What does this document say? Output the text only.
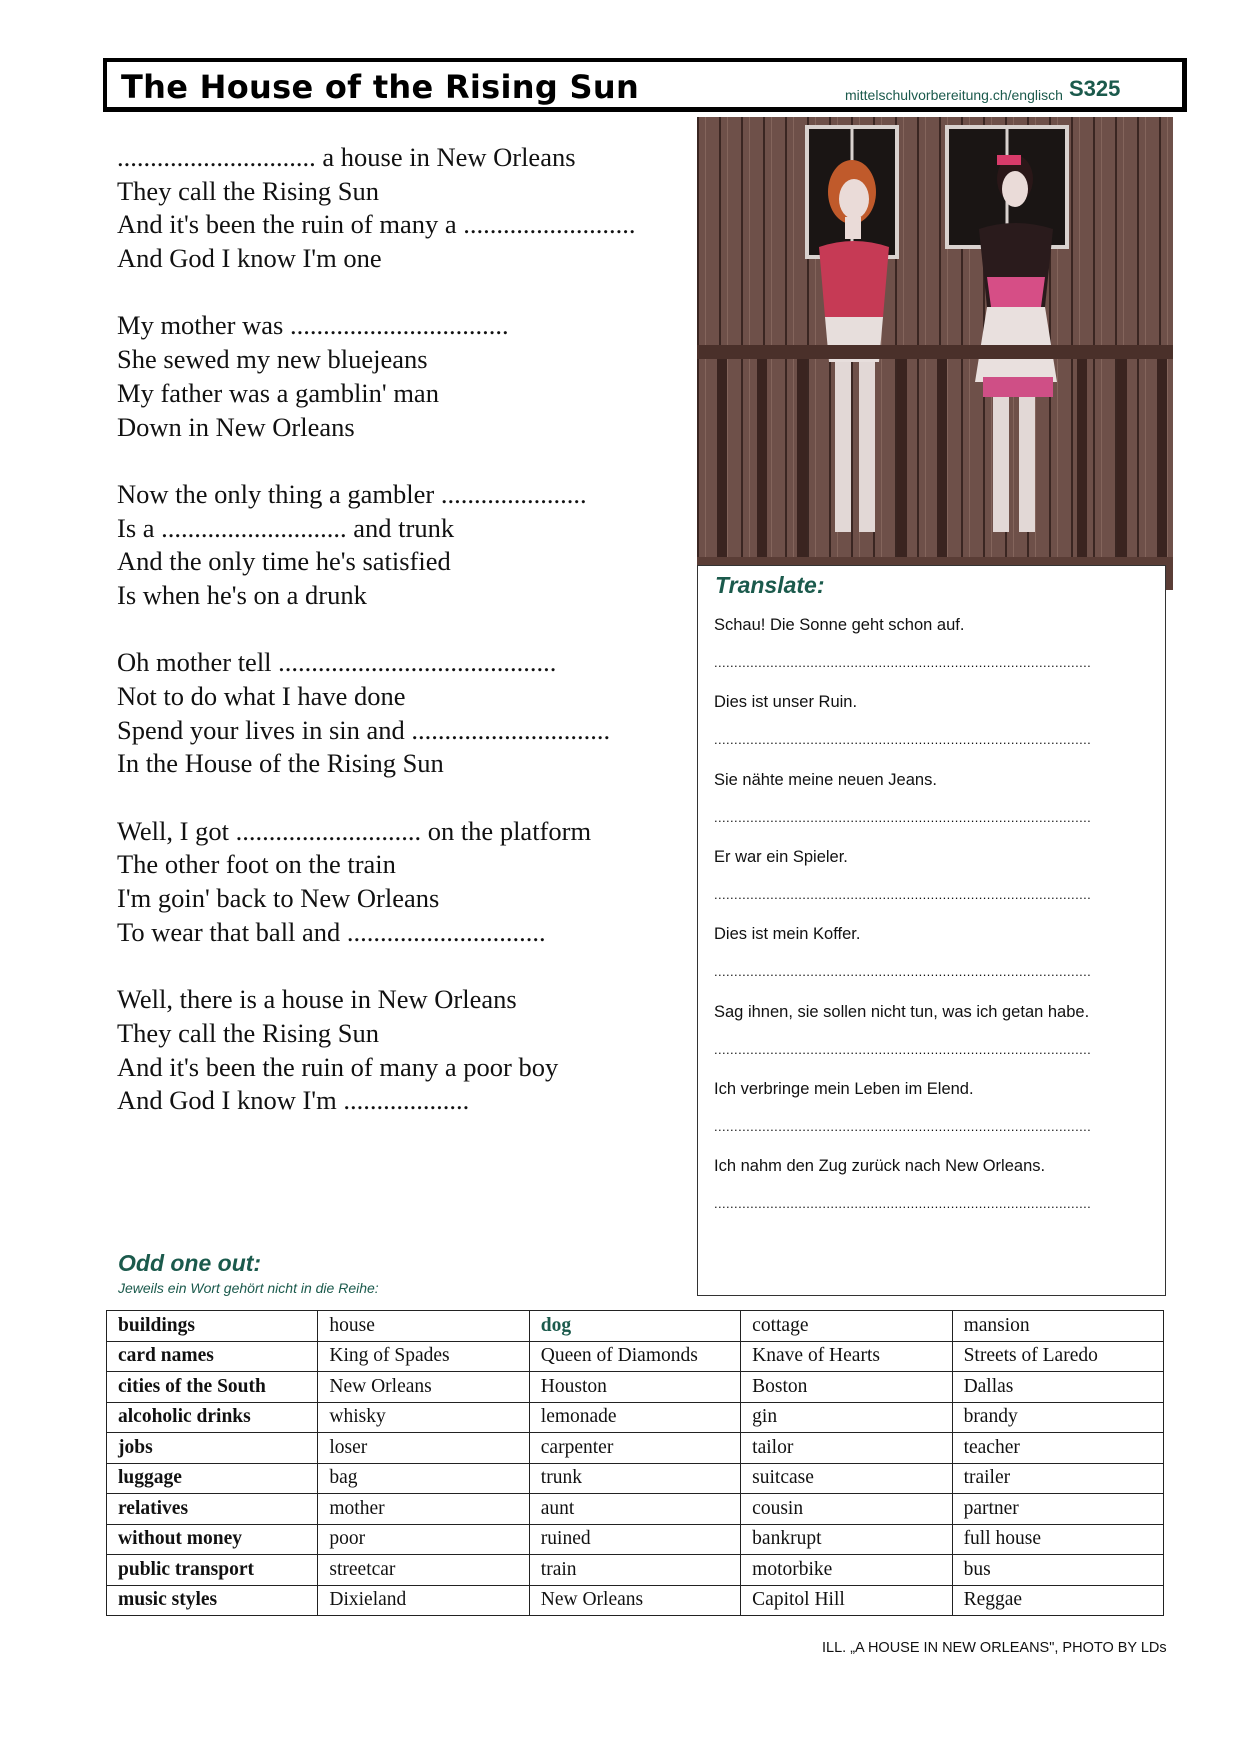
The House of the Rising Sun	mittelschulvorbereitung.ch/englisch S325
.............................. a house in New Orleans
They call the Rising Sun
And it's been the ruin of many a ..........................
And God I know I'm one
My mother was .................................
She sewed my new bluejeans
My father was a gamblin' man
Down in New Orleans
Now the only thing a gambler ......................
Is a ............................ and trunk
And the only time he's satisfied
Is when he's on a drunk
Oh mother tell ..........................................
Not to do what I have done
Spend your lives in sin and ..............................
In the House of the Rising Sun
Well, I got ............................ on the platform
The other foot on the train
I'm goin' back to New Orleans
To wear that ball and ..............................
Well, there is a house in New Orleans
They call the Rising Sun
And it's been the ruin of many a poor boy
And God I know I'm ...................
Translate:
Schau! Die Sonne geht schon auf.
..............................................................................................
Dies ist unser Ruin.
..............................................................................................
Sie nähte meine neuen Jeans.
..............................................................................................
Er war ein Spieler.
..............................................................................................
Dies ist mein Koffer.
..............................................................................................
Sag ihnen, sie sollen nicht tun, was ich getan habe.
..............................................................................................
Ich verbringe mein Leben im Elend.
..............................................................................................
Ich nahm den Zug zurück nach New Orleans.
..............................................................................................
Odd one out:
Jeweils ein Wort gehört nicht in die Reihe:
buildings	house	dog	cottage	mansion
card names	King of Spades	Queen of Diamonds	Knave of Hearts	Streets of Laredo
cities of the South	New Orleans	Houston	Boston	Dallas
alcoholic drinks	whisky	lemonade	gin	brandy
jobs	loser	carpenter	tailor	teacher
luggage	bag	trunk	suitcase	trailer
relatives	mother	aunt	cousin	partner
without money	poor	ruined	bankrupt	full house
public transport	streetcar	train	motorbike	bus
music styles	Dixieland	New Orleans	Capitol Hill	Reggae
ILL. „A HOUSE IN NEW ORLEANS", PHOTO BY LDs
